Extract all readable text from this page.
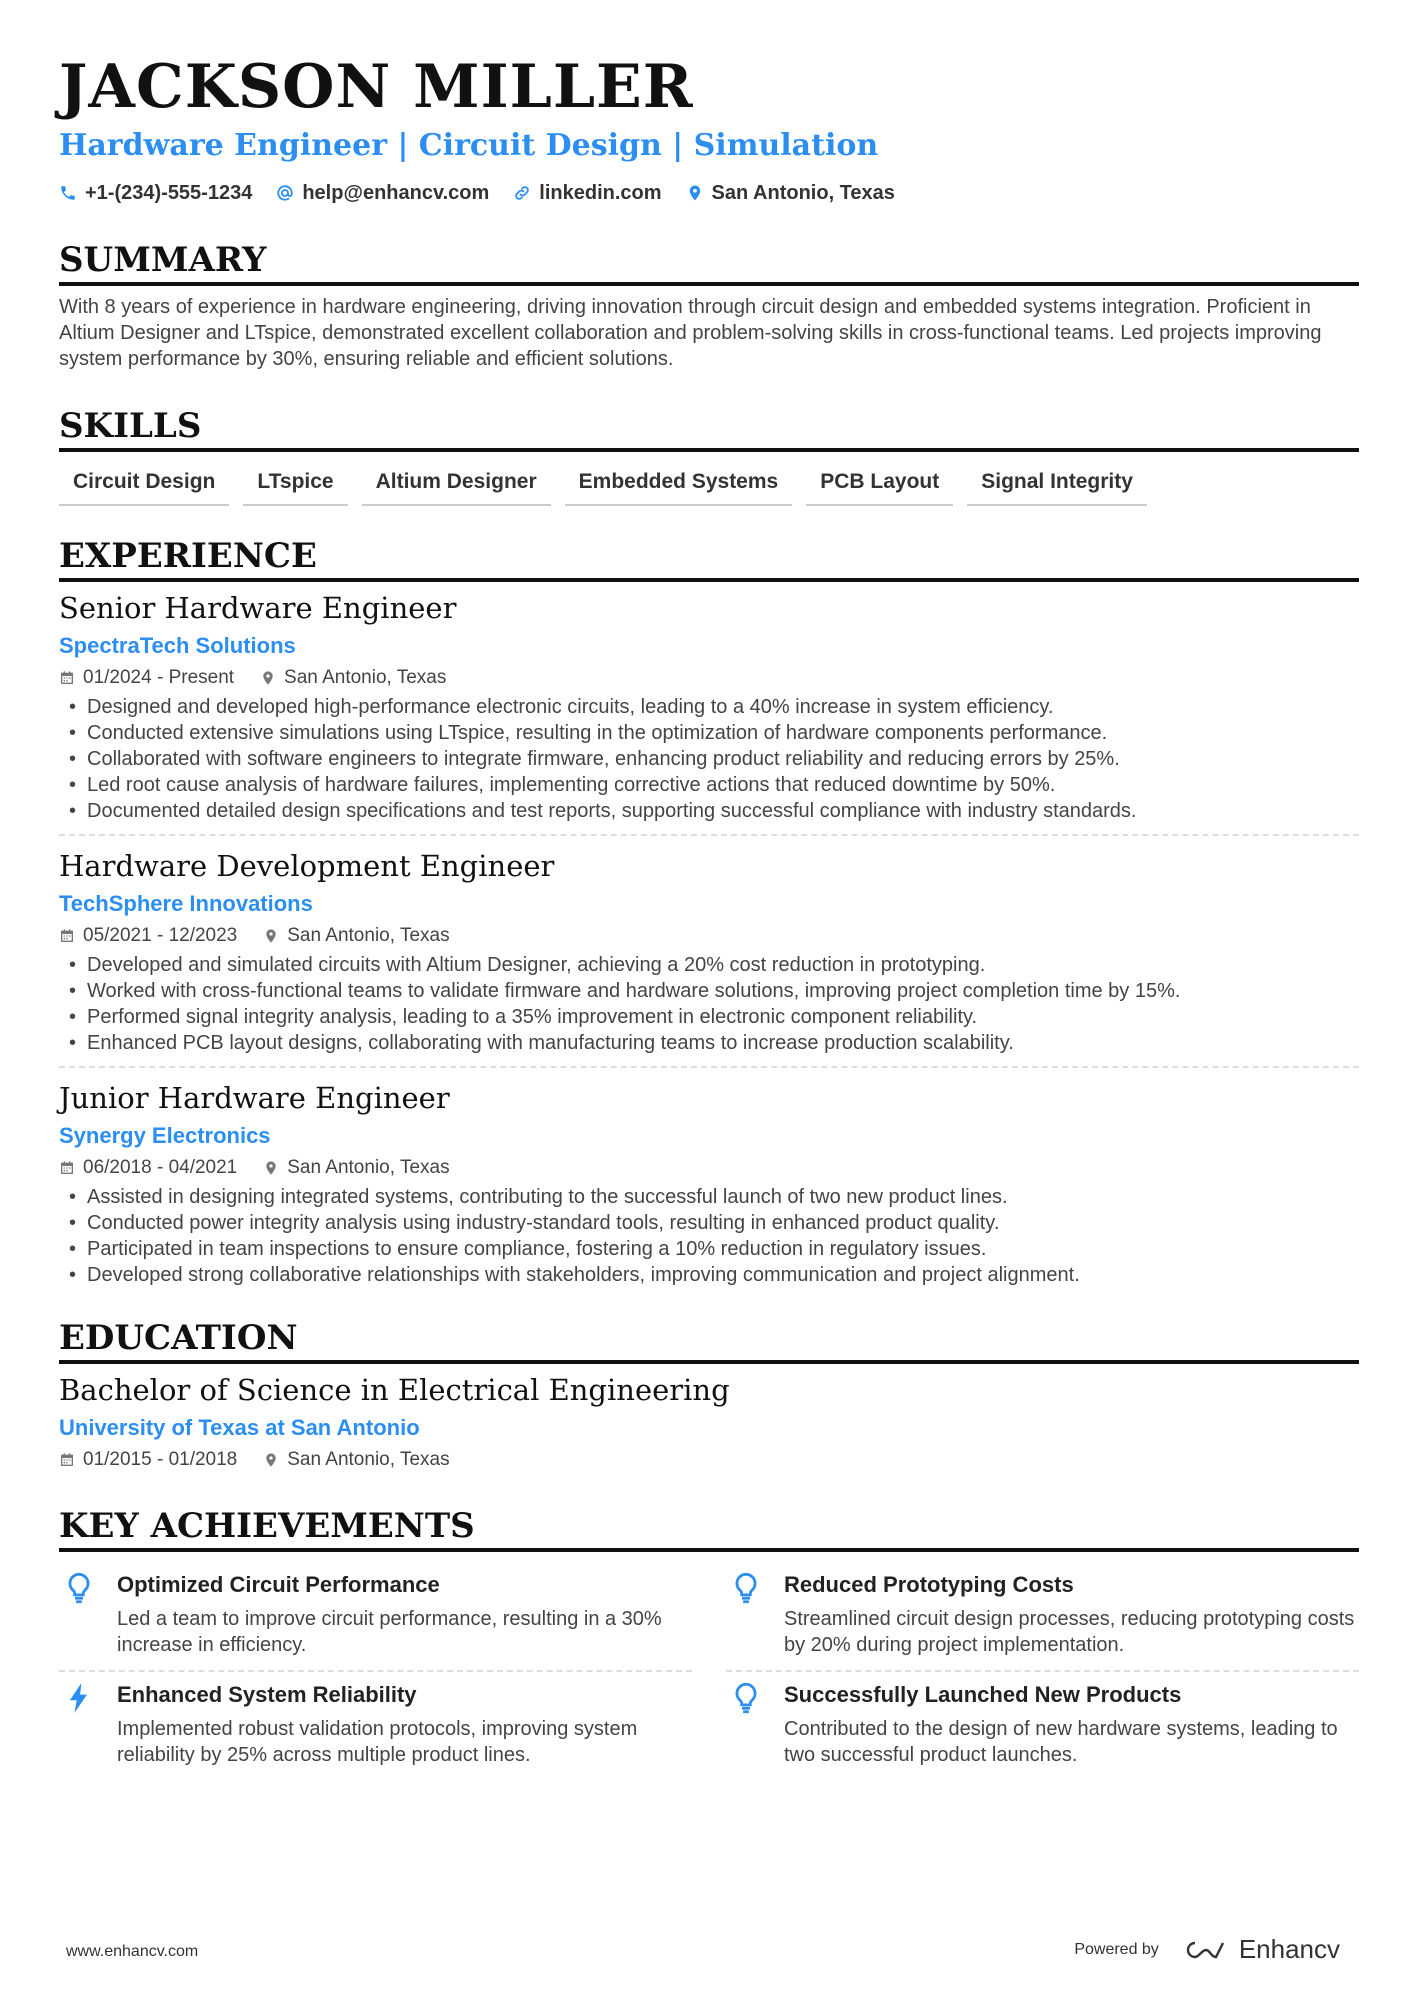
JACKSON MILLER
Hardware Engineer | Circuit Design | Simulation
+1-(234)-555-1234	help@enhancv.com	linkedin.com	San Antonio, Texas
SUMMARY
With 8 years of experience in hardware engineering, driving innovation through circuit design and embedded systems integration. Proficient in Altium Designer and LTspice, demonstrated excellent collaboration and problem-solving skills in cross-functional teams. Led projects improving system performance by 30%, ensuring reliable and efficient solutions.
SKILLS
Circuit Design	LTspice	Altium Designer	Embedded Systems	PCB Layout	Signal Integrity
EXPERIENCE
Senior Hardware Engineer
SpectraTech Solutions
01/2024 - Present	San Antonio, Texas
• Designed and developed high-performance electronic circuits, leading to a 40% increase in system efficiency.
• Conducted extensive simulations using LTspice, resulting in the optimization of hardware components performance.
• Collaborated with software engineers to integrate firmware, enhancing product reliability and reducing errors by 25%.
• Led root cause analysis of hardware failures, implementing corrective actions that reduced downtime by 50%.
• Documented detailed design specifications and test reports, supporting successful compliance with industry standards.
Hardware Development Engineer
TechSphere Innovations
05/2021 - 12/2023	San Antonio, Texas
• Developed and simulated circuits with Altium Designer, achieving a 20% cost reduction in prototyping.
• Worked with cross-functional teams to validate firmware and hardware solutions, improving project completion time by 15%.
• Performed signal integrity analysis, leading to a 35% improvement in electronic component reliability.
• Enhanced PCB layout designs, collaborating with manufacturing teams to increase production scalability.
Junior Hardware Engineer
Synergy Electronics
06/2018 - 04/2021	San Antonio, Texas
• Assisted in designing integrated systems, contributing to the successful launch of two new product lines.
• Conducted power integrity analysis using industry-standard tools, resulting in enhanced product quality.
• Participated in team inspections to ensure compliance, fostering a 10% reduction in regulatory issues.
• Developed strong collaborative relationships with stakeholders, improving communication and project alignment.
EDUCATION
Bachelor of Science in Electrical Engineering
University of Texas at San Antonio
01/2015 - 01/2018	San Antonio, Texas
KEY ACHIEVEMENTS
Optimized Circuit Performance
Led a team to improve circuit performance, resulting in a 30% increase in efficiency.
Reduced Prototyping Costs
Streamlined circuit design processes, reducing prototyping costs by 20% during project implementation.
Enhanced System Reliability
Implemented robust validation protocols, improving system reliability by 25% across multiple product lines.
Successfully Launched New Products
Contributed to the design of new hardware systems, leading to two successful product launches.
www.enhancv.com	Powered by	Enhancv
